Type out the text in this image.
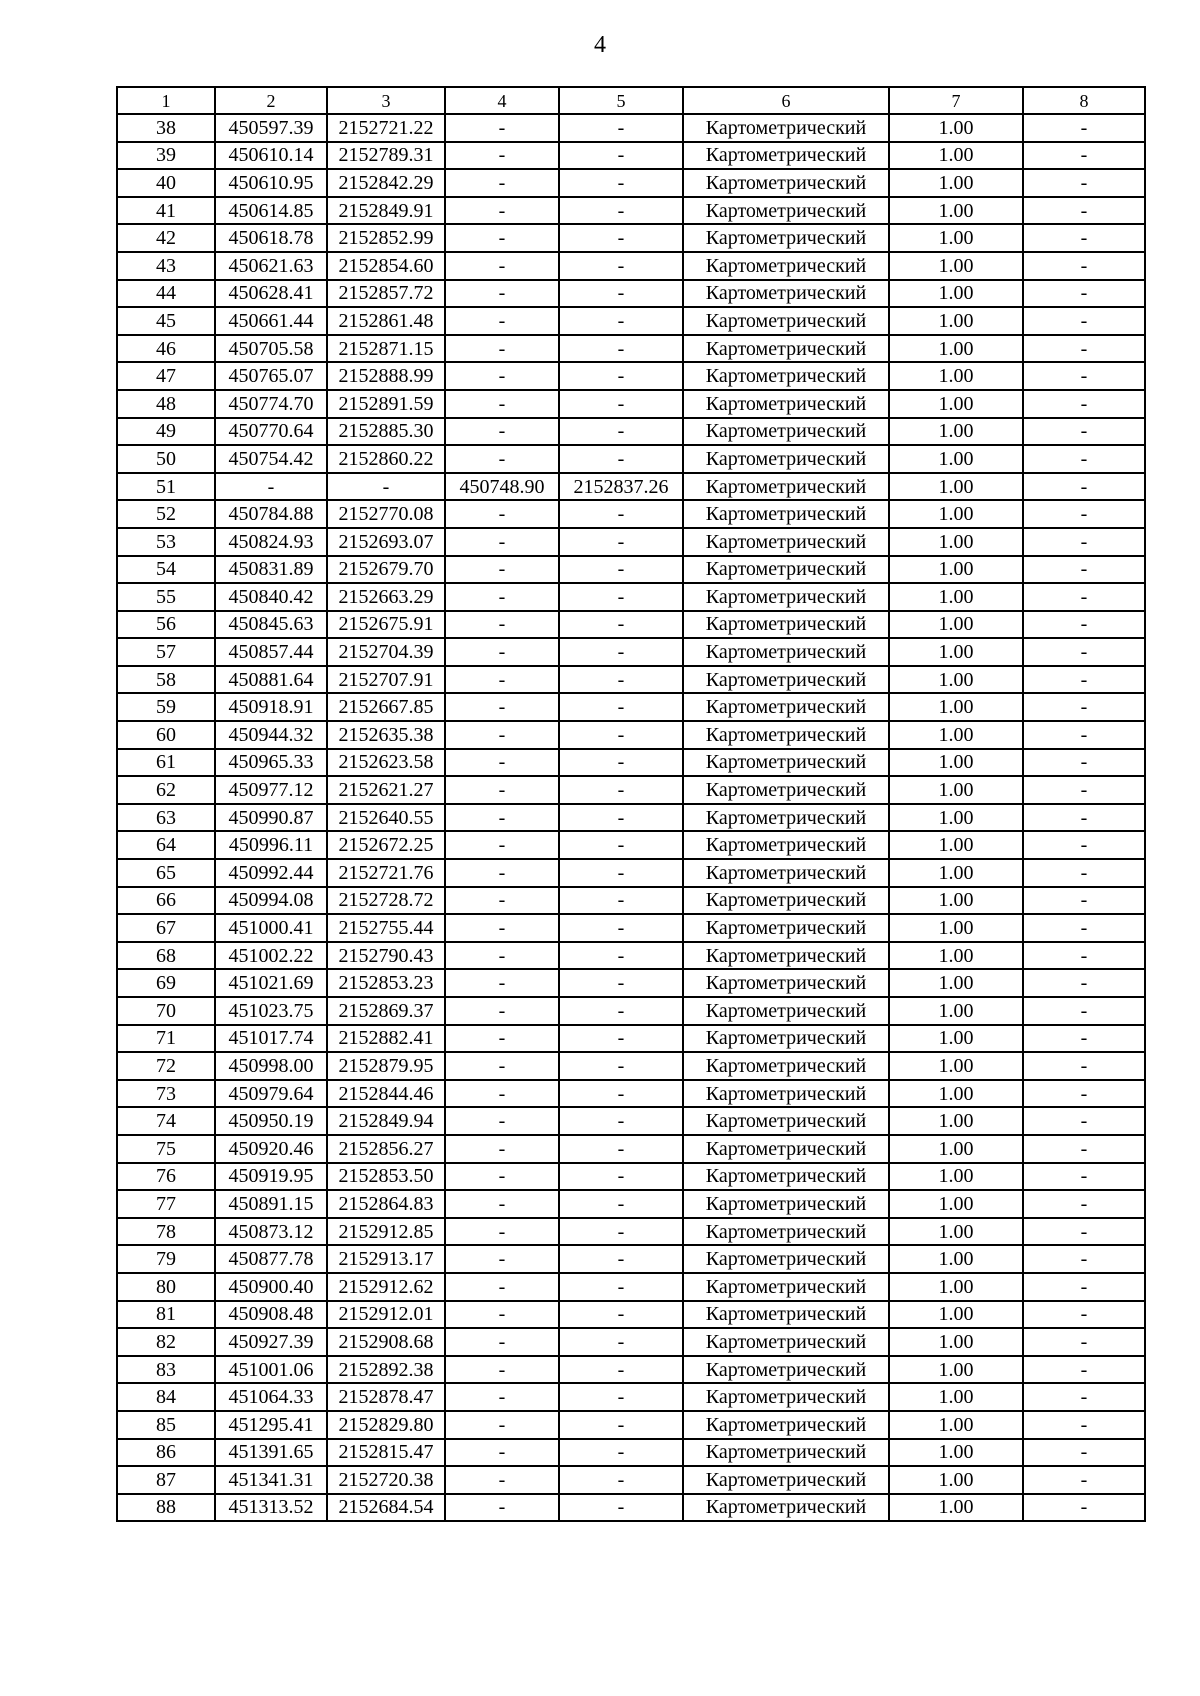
4
1	2	3	4	5	6	7	8
38	450597.39	2152721.22	-	-	Картометрический	1.00	-
39	450610.14	2152789.31	-	-	Картометрический	1.00	-
40	450610.95	2152842.29	-	-	Картометрический	1.00	-
41	450614.85	2152849.91	-	-	Картометрический	1.00	-
42	450618.78	2152852.99	-	-	Картометрический	1.00	-
43	450621.63	2152854.60	-	-	Картометрический	1.00	-
44	450628.41	2152857.72	-	-	Картометрический	1.00	-
45	450661.44	2152861.48	-	-	Картометрический	1.00	-
46	450705.58	2152871.15	-	-	Картометрический	1.00	-
47	450765.07	2152888.99	-	-	Картометрический	1.00	-
48	450774.70	2152891.59	-	-	Картометрический	1.00	-
49	450770.64	2152885.30	-	-	Картометрический	1.00	-
50	450754.42	2152860.22	-	-	Картометрический	1.00	-
51	-	-	450748.90	2152837.26	Картометрический	1.00	-
52	450784.88	2152770.08	-	-	Картометрический	1.00	-
53	450824.93	2152693.07	-	-	Картометрический	1.00	-
54	450831.89	2152679.70	-	-	Картометрический	1.00	-
55	450840.42	2152663.29	-	-	Картометрический	1.00	-
56	450845.63	2152675.91	-	-	Картометрический	1.00	-
57	450857.44	2152704.39	-	-	Картометрический	1.00	-
58	450881.64	2152707.91	-	-	Картометрический	1.00	-
59	450918.91	2152667.85	-	-	Картометрический	1.00	-
60	450944.32	2152635.38	-	-	Картометрический	1.00	-
61	450965.33	2152623.58	-	-	Картометрический	1.00	-
62	450977.12	2152621.27	-	-	Картометрический	1.00	-
63	450990.87	2152640.55	-	-	Картометрический	1.00	-
64	450996.11	2152672.25	-	-	Картометрический	1.00	-
65	450992.44	2152721.76	-	-	Картометрический	1.00	-
66	450994.08	2152728.72	-	-	Картометрический	1.00	-
67	451000.41	2152755.44	-	-	Картометрический	1.00	-
68	451002.22	2152790.43	-	-	Картометрический	1.00	-
69	451021.69	2152853.23	-	-	Картометрический	1.00	-
70	451023.75	2152869.37	-	-	Картометрический	1.00	-
71	451017.74	2152882.41	-	-	Картометрический	1.00	-
72	450998.00	2152879.95	-	-	Картометрический	1.00	-
73	450979.64	2152844.46	-	-	Картометрический	1.00	-
74	450950.19	2152849.94	-	-	Картометрический	1.00	-
75	450920.46	2152856.27	-	-	Картометрический	1.00	-
76	450919.95	2152853.50	-	-	Картометрический	1.00	-
77	450891.15	2152864.83	-	-	Картометрический	1.00	-
78	450873.12	2152912.85	-	-	Картометрический	1.00	-
79	450877.78	2152913.17	-	-	Картометрический	1.00	-
80	450900.40	2152912.62	-	-	Картометрический	1.00	-
81	450908.48	2152912.01	-	-	Картометрический	1.00	-
82	450927.39	2152908.68	-	-	Картометрический	1.00	-
83	451001.06	2152892.38	-	-	Картометрический	1.00	-
84	451064.33	2152878.47	-	-	Картометрический	1.00	-
85	451295.41	2152829.80	-	-	Картометрический	1.00	-
86	451391.65	2152815.47	-	-	Картометрический	1.00	-
87	451341.31	2152720.38	-	-	Картометрический	1.00	-
88	451313.52	2152684.54	-	-	Картометрический	1.00	-
